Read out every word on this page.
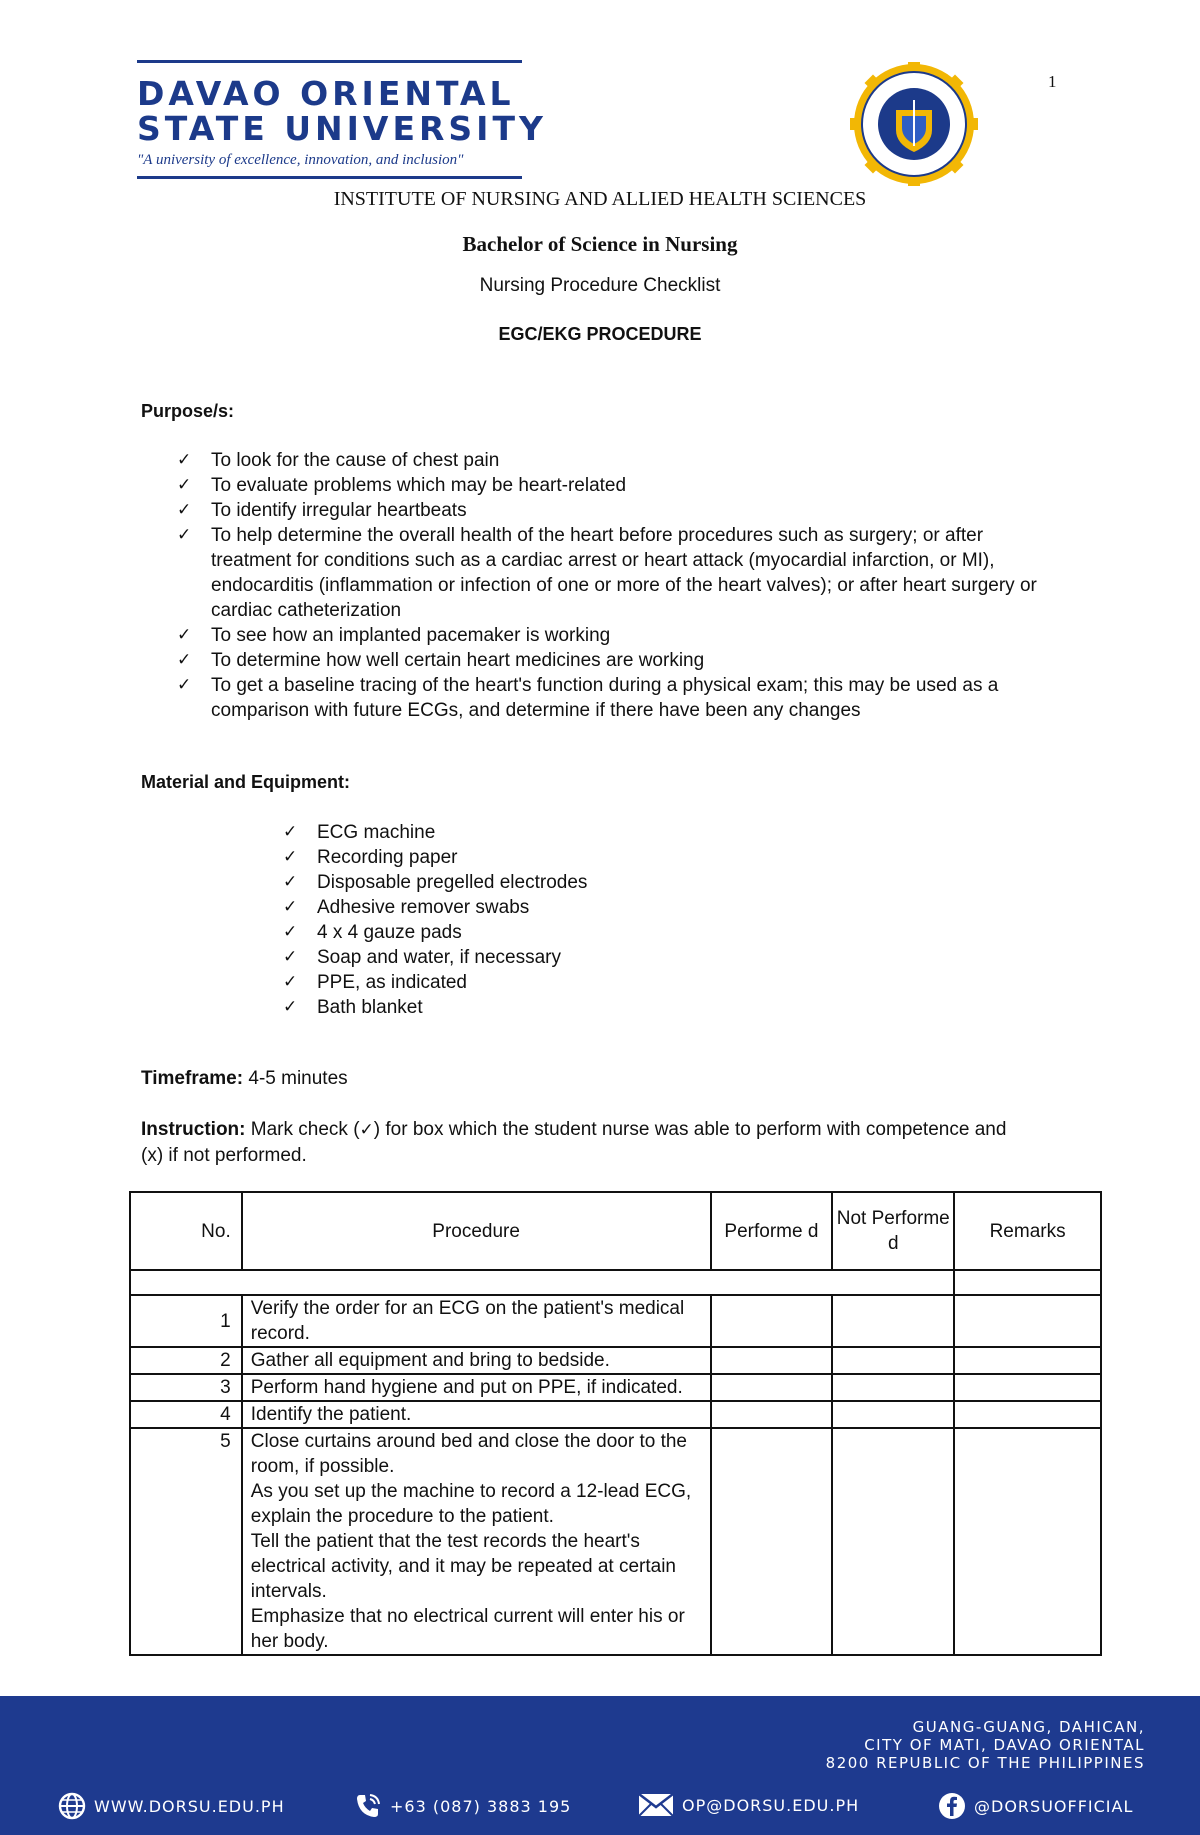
1
DAVAO ORIENTAL
STATE UNIVERSITY
"A university of excellence, innovation, and inclusion"
INSTITUTE OF NURSING AND ALLIED HEALTH SCIENCES
Bachelor of Science in Nursing
Nursing Procedure Checklist
EGC/EKG PROCEDURE
Purpose/s:
✓ To look for the cause of chest pain
✓ To evaluate problems which may be heart-related
✓ To identify irregular heartbeats
✓ To help determine the overall health of the heart before procedures such as surgery; or after treatment for conditions such as a cardiac arrest or heart attack (myocardial infarction, or MI), endocarditis (inflammation or infection of one or more of the heart valves); or after heart surgery or cardiac catheterization
✓ To see how an implanted pacemaker is working
✓ To determine how well certain heart medicines are working
✓ To get a baseline tracing of the heart's function during a physical exam; this may be used as a comparison with future ECGs, and determine if there have been any changes
Material and Equipment:
✓ ECG machine
✓ Recording paper
✓ Disposable pregelled electrodes
✓ Adhesive remover swabs
✓ 4 x 4 gauze pads
✓ Soap and water, if necessary
✓ PPE, as indicated
✓ Bath blanket
Timeframe: 4-5 minutes
Instruction: Mark check (✓) for box which the student nurse was able to perform with competence and (x) if not performed.
No.	Procedure	Performe d	Not Performe d	Remarks

1	Verify the order for an ECG on the patient's medical record.			
2	Gather all equipment and bring to bedside.			
3	Perform hand hygiene and put on PPE, if indicated.			
4	Identify the patient.			
5	Close curtains around bed and close the door to the room, if possible.
As you set up the machine to record a 12-lead ECG, explain the procedure to the patient.
Tell the patient that the test records the heart's electrical activity, and it may be repeated at certain intervals.
Emphasize that no electrical current will enter his or her body.			

GUANG-GUANG, DAHICAN,
CITY OF MATI, DAVAO ORIENTAL
8200 REPUBLIC OF THE PHILIPPINES
WWW.DORSU.EDU.PH	+63 (087) 3883 195	OP@DORSU.EDU.PH	@DORSUOFFICIAL
